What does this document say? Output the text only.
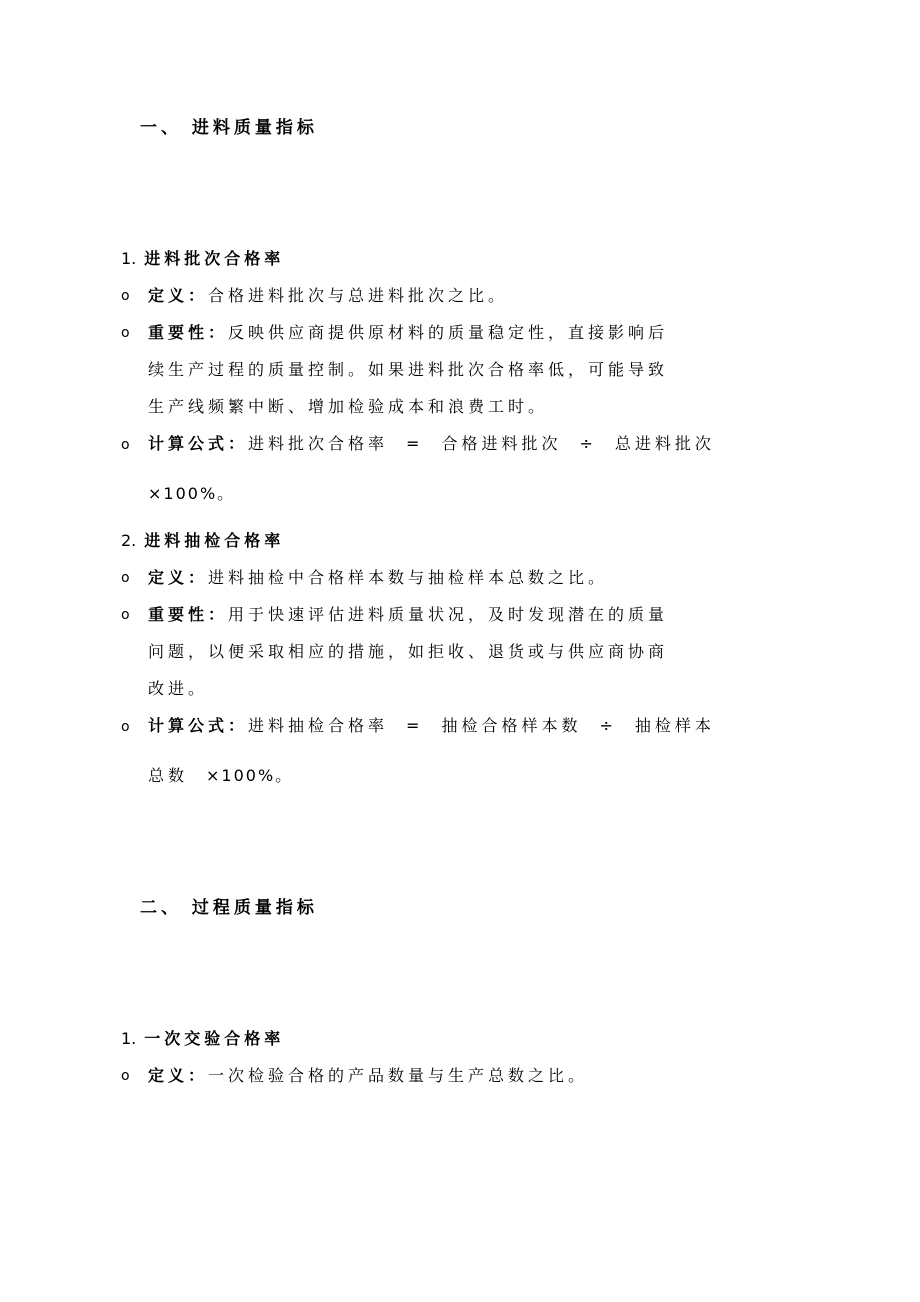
一、 进料质量指标
1. 进料批次合格率
o 定义：合格进料批次与总进料批次之比。
o 重要性：反映供应商提供原材料的质量稳定性，直接影响后
续生产过程的质量控制。如果进料批次合格率低，可能导致
生产线频繁中断、增加检验成本和浪费工时。
o 计算公式：进料批次合格率 = 合格进料批次 ÷ 总进料批次
×100%。
2. 进料抽检合格率
o 定义：进料抽检中合格样本数与抽检样本总数之比。
o 重要性：用于快速评估进料质量状况，及时发现潜在的质量
问题，以便采取相应的措施，如拒收、退货或与供应商协商
改进。
o 计算公式：进料抽检合格率 = 抽检合格样本数 ÷ 抽检样本
总数 ×100%。
二、 过程质量指标
1. 一次交验合格率
o 定义：一次检验合格的产品数量与生产总数之比。
